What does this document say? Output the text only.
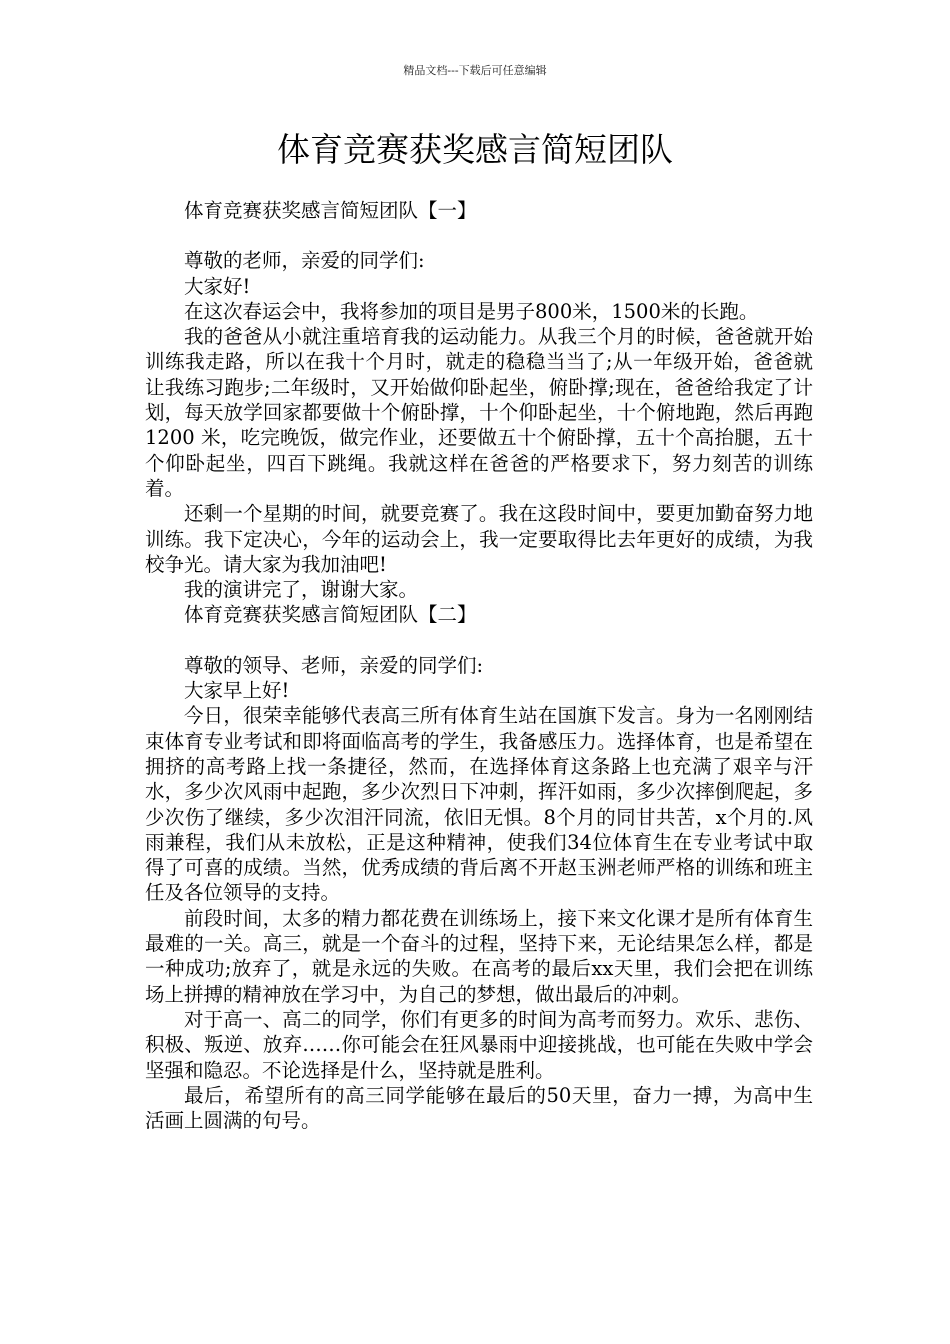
精品文档---下载后可任意编辑
体育竞赛获奖感言简短团队

体育竞赛获奖感言简短团队【一】

尊敬的老师，亲爱的同学们:

大家好!

在这次春运会中，我将参加的项目是男子800米，1500米的长跑。

我的爸爸从小就注重培育我的运动能力。从我三个月的时候，爸爸就开始训练我走路，所以在我十个月时，就走的稳稳当当了;从一年级开始，爸爸就让我练习跑步;二年级时，又开始做仰卧起坐，俯卧撑;现在，爸爸给我定了计划，每天放学回家都要做十个俯卧撑，十个仰卧起坐，十个俯地跑，然后再跑1200 米，吃完晚饭，做完作业，还要做五十个俯卧撑，五十个高抬腿，五十个仰卧起坐，四百下跳绳。我就这样在爸爸的严格要求下，努力刻苦的训练着。

还剩一个星期的时间，就要竞赛了。我在这段时间中，要更加勤奋努力地训练。我下定决心，今年的运动会上，我一定要取得比去年更好的成绩，为我校争光。请大家为我加油吧!

我的演讲完了，谢谢大家。

体育竞赛获奖感言简短团队【二】

尊敬的领导、老师，亲爱的同学们:

大家早上好!

今日，很荣幸能够代表高三所有体育生站在国旗下发言。身为一名刚刚结束体育专业考试和即将面临高考的学生，我备感压力。选择体育，也是希望在拥挤的高考路上找一条捷径，然而，在选择体育这条路上也充满了艰辛与汗水，多少次风雨中起跑，多少次烈日下冲刺，挥汗如雨，多少次摔倒爬起，多少次伤了继续，多少次泪汗同流，依旧无惧。8个月的同甘共苦，x个月的.风雨兼程，我们从未放松，正是这种精神，使我们34位体育生在专业考试中取得了可喜的成绩。当然，优秀成绩的背后离不开赵玉洲老师严格的训练和班主任及各位领导的支持。

前段时间，太多的精力都花费在训练场上，接下来文化课才是所有体育生最难的一关。高三，就是一个奋斗的过程，坚持下来，无论结果怎么样，都是一种成功;放弃了，就是永远的失败。在高考的最后xx天里，我们会把在训练场上拼搏的精神放在学习中，为自己的梦想，做出最后的冲刺。

对于高一、高二的同学，你们有更多的时间为高考而努力。欢乐、悲伤、积极、叛逆、放弃……你可能会在狂风暴雨中迎接挑战，也可能在失败中学会坚强和隐忍。不论选择是什么，坚持就是胜利。

最后，希望所有的高三同学能够在最后的50天里，奋力一搏，为高中生活画上圆满的句号。
